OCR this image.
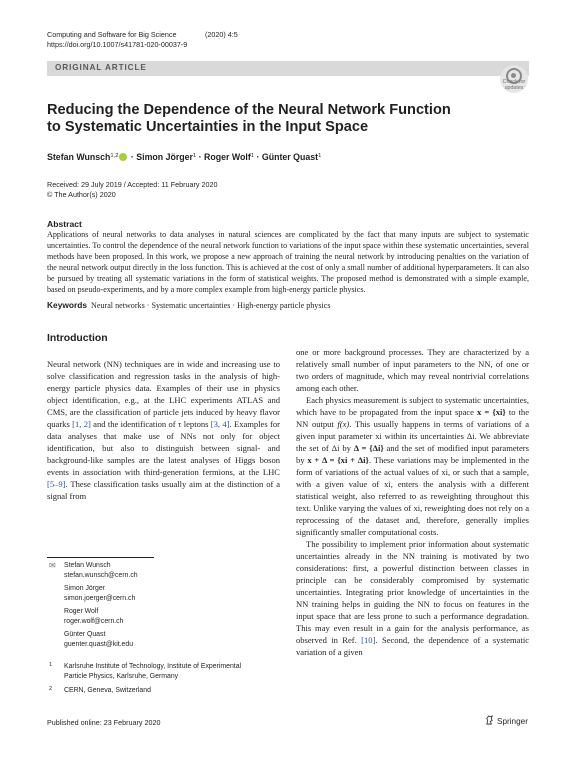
Computing and Software for Big Science	(2020) 4:5
https://doi.org/10.1007/s41781-020-00037-9
ORIGINAL ARTICLE
Check for
updates
Reducing the Dependence of the Neural Network Function
to Systematic Uncertainties in the Input Space
Stefan Wunsch$^{1,2}$ · Simon Jörger$^1$ · Roger Wolf$^1$ · Günter Quast$^1$
Received: 29 July 2019 / Accepted: 11 February 2020
© The Author(s) 2020
Abstract
Applications of neural networks to data analyses in natural sciences are complicated by the fact that many inputs are subject to systematic uncertainties. To control the dependence of the neural network function to variations of the input space within these systematic uncertainties, several methods have been proposed. In this work, we propose a new approach of training the neural network by introducing penalties on the variation of the neural network output directly in the loss function. This is achieved at the cost of only a small number of additional hyperparameters. It can also be pursued by treating all systematic variations in the form of statistical weights. The proposed method is demonstrated with a simple example, based on pseudo-experiments, and by a more complex example from high-energy particle physics.
Keywords Neural networks · Systematic uncertainties · High-energy particle physics
Introduction

Neural network (NN) techniques are in wide and increasing use to solve classification and regression tasks in the analysis of high-energy particle physics data. Examples of their use in physics object identification, e.g., at the LHC experiments ATLAS and CMS, are the classification of particle jets induced by heavy flavor quarks [1, 2] and the identification of τ leptons [3, 4]. Examples for data analyses that make use of NNs not only for object identification, but also to distinguish between signal- and background-like samples are the latest analyses of Higgs boson events in association with third-generation fermions, at the LHC [5–9]. These classification tasks usually aim at the distinction of a signal from

one or more background processes. They are characterized by a relatively small number of input parameters to the NN, of one or two orders of magnitude, which may reveal nontrivial correlations among each other.

Each physics measurement is subject to systematic uncertainties, which have to be propagated from the input space x = {xi} to the NN output f(x). This usually happens in terms of variations of a given input parameter xi within its uncertainties Δi. We abbreviate the set of Δi by Δ = {Δi} and the set of modified input parameters by x + Δ = {xi + Δi}. These variations may be implemented in the form of variations of the actual values of xi, or such that a sample, with a given value of xi, enters the analysis with a different statistical weight, also referred to as reweighting throughout this text. Unlike varying the values of xi, reweighting does not rely on a reprocessing of the dataset and, therefore, generally implies significantly smaller computational costs.

The possibility to implement prior information about systematic uncertainties already in the NN training is motivated by two considerations: first, a powerful distinction between classes in principle can be considerably compromised by systematic uncertainties. Integrating prior knowledge of uncertainties in the NN training helps in guiding the NN to focus on features in the input space that are less prone to such a performance degradation. This may even result in a gain for the analysis performance, as observed in Ref. [10]. Second, the dependence of a systematic variation of a given

✉ Stefan Wunsch
stefan.wunsch@cern.ch
Simon Jörger
simon.joerger@cern.ch
Roger Wolf
roger.wolf@cern.ch
Günter Quast
guenter.quast@kit.edu
1 Karlsruhe Institute of Technology, Institute of Experimental
Particle Physics, Karlsruhe, Germany
2 CERN, Geneva, Switzerland
Published online: 23 February 2020	Springer
